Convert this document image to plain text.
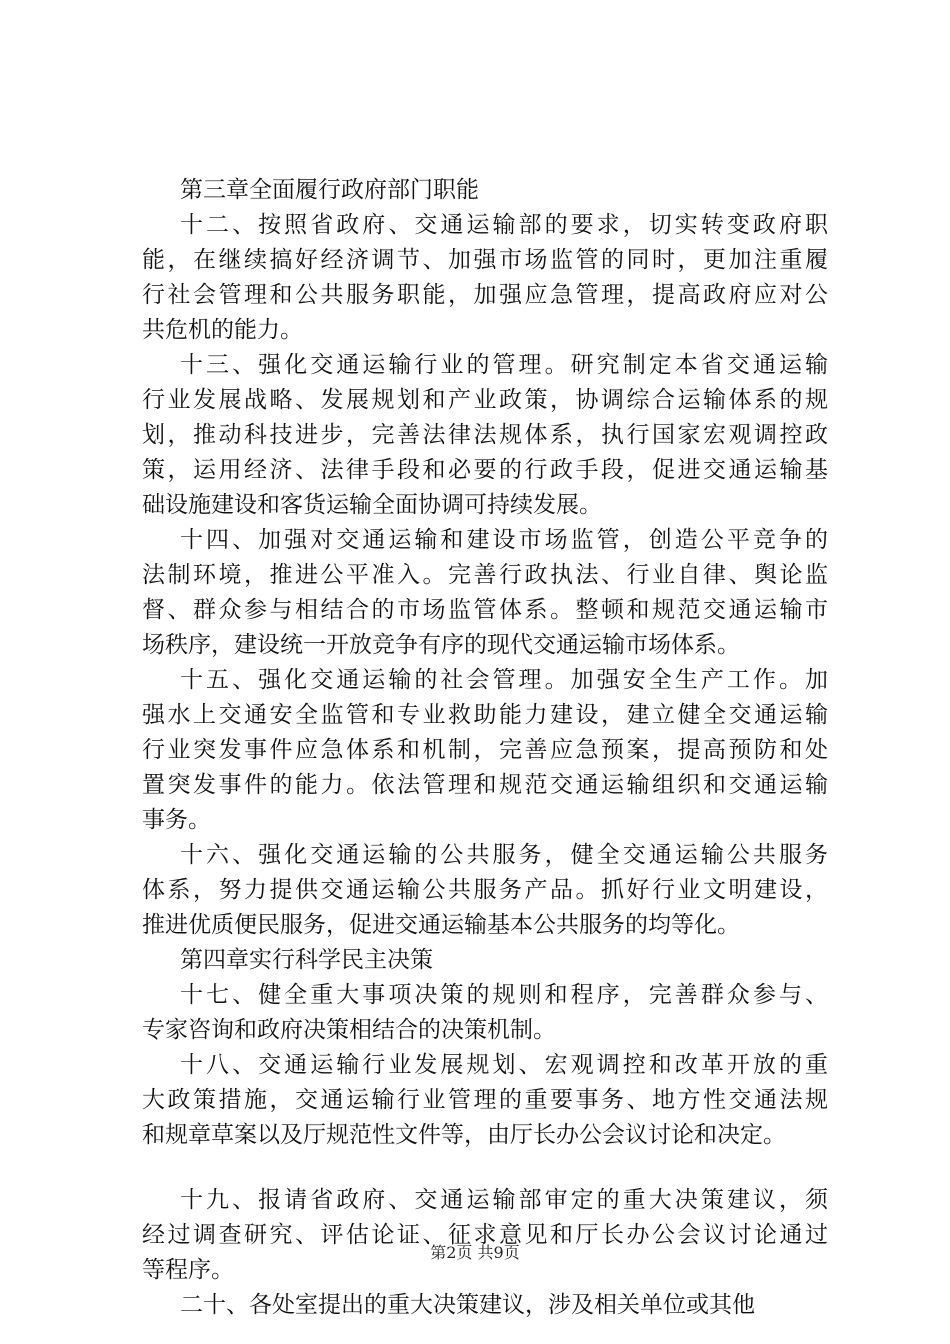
第三章全面履行政府部门职能
十二、按照省政府、交通运输部的要求，切实转变政府职
能，在继续搞好经济调节、加强市场监管的同时，更加注重履
行社会管理和公共服务职能，加强应急管理，提高政府应对公
共危机的能力。
十三、强化交通运输行业的管理。研究制定本省交通运输
行业发展战略、发展规划和产业政策，协调综合运输体系的规
划，推动科技进步，完善法律法规体系，执行国家宏观调控政
策，运用经济、法律手段和必要的行政手段，促进交通运输基
础设施建设和客货运输全面协调可持续发展。
十四、加强对交通运输和建设市场监管，创造公平竞争的
法制环境，推进公平准入。完善行政执法、行业自律、舆论监
督、群众参与相结合的市场监管体系。整顿和规范交通运输市
场秩序，建设统一开放竞争有序的现代交通运输市场体系。
十五、强化交通运输的社会管理。加强安全生产工作。加
强水上交通安全监管和专业救助能力建设，建立健全交通运输
行业突发事件应急体系和机制，完善应急预案，提高预防和处
置突发事件的能力。依法管理和规范交通运输组织和交通运输
事务。
十六、强化交通运输的公共服务，健全交通运输公共服务
体系，努力提供交通运输公共服务产品。抓好行业文明建设，
推进优质便民服务，促进交通运输基本公共服务的均等化。
第四章实行科学民主决策
十七、健全重大事项决策的规则和程序，完善群众参与、
专家咨询和政府决策相结合的决策机制。
十八、交通运输行业发展规划、宏观调控和改革开放的重
大政策措施，交通运输行业管理的重要事务、地方性交通法规
和规章草案以及厅规范性文件等，由厅长办公会议讨论和决定。
十九、报请省政府、交通运输部审定的重大决策建议，须
经过调查研究、评估论证、征求意见和厅长办公会议讨论通过
等程序。
二十、各处室提出的重大决策建议，涉及相关单位或其他
第2页 共9页
